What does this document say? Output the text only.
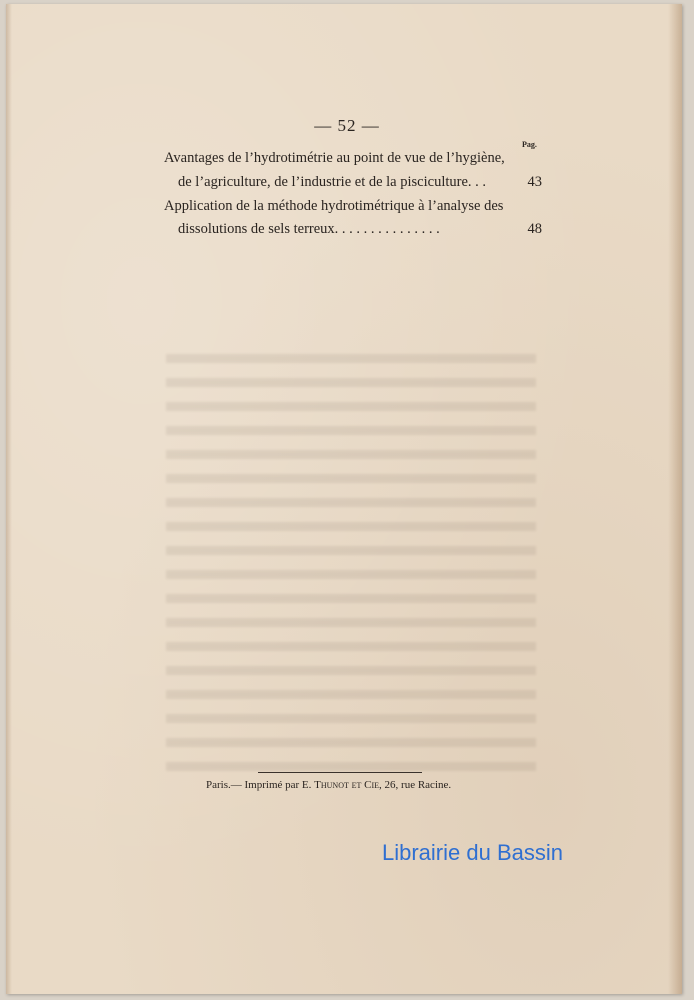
— 52 —
Pag.
Avantages de l’hydrotimétrie au point de vue de l’hygiène,
de l’agriculture, de l’industrie et de la pisciculture. . .	43
Application de la méthode hydrotimétrique à l’analyse des
dissolutions de sels terreux. . . . . . . . . . . . . . .	48
Paris.— Imprimé par E. Thunot et Cie, 26, rue Racine.
Librairie du Bassin
